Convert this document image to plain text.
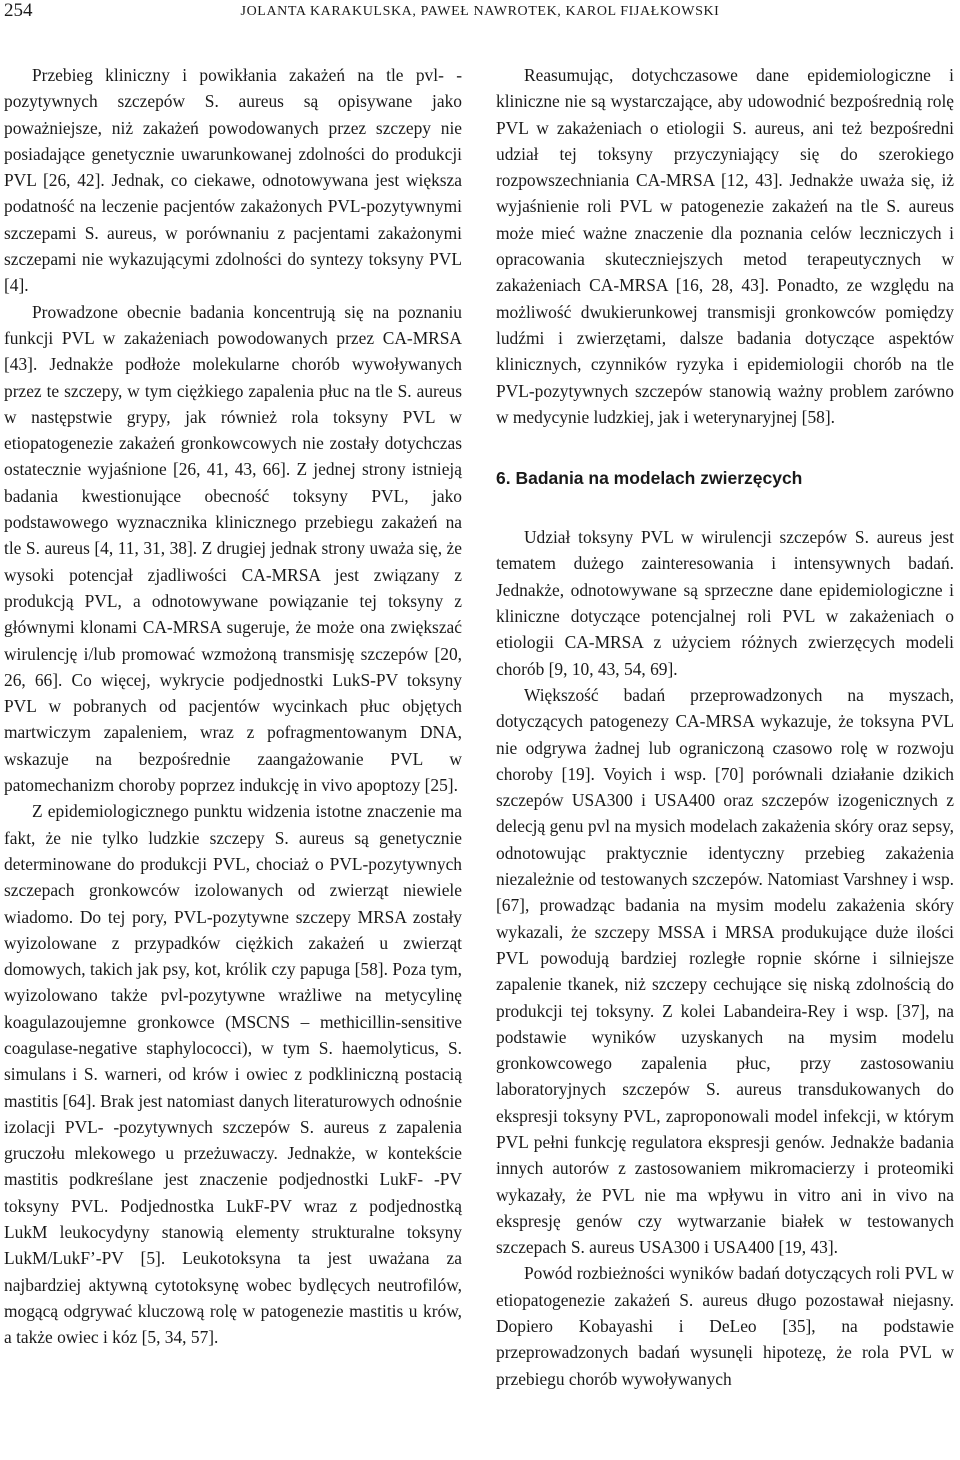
254	JOLANTA KARAKULSKA, PAWEŁ NAWROTEK, KAROL FIJAŁKOWSKI

Przebieg kliniczny i powikłania zakażeń na tle pvl- -pozytywnych szczepów S. aureus są opisywane jako poważniejsze, niż zakażeń powodowanych przez szczepy nie posiadające genetycznie uwarunkowanej zdolności do produkcji PVL [26, 42]. Jednak, co ciekawe, odnotowywana jest większa podatność na leczenie pacjentów zakażonych PVL-pozytywnymi szczepami S. aureus, w porównaniu z pacjentami zakażonymi szczepami nie wykazującymi zdolności do syntezy toksyny PVL [4].

Prowadzone obecnie badania koncentrują się na poznaniu funkcji PVL w zakażeniach powodowanych przez CA-MRSA [43]. Jednakże podłoże molekularne chorób wywoływanych przez te szczepy, w tym ciężkiego zapalenia płuc na tle S. aureus w następstwie grypy, jak również rola toksyny PVL w etiopatogenezie zakażeń gronkowcowych nie zostały dotychczas ostatecznie wyjaśnione [26, 41, 43, 66]. Z jednej strony istnieją badania kwestionujące obecność toksyny PVL, jako podstawowego wyznacznika klinicznego przebiegu zakażeń na tle S. aureus [4, 11, 31, 38]. Z drugiej jednak strony uważa się, że wysoki potencjał zjadliwości CA-MRSA jest związany z produkcją PVL, a odnotowywane powiązanie tej toksyny z głównymi klonami CA-MRSA sugeruje, że może ona zwiększać wirulencję i/lub promować wzmożoną transmisję szczepów [20, 26, 66]. Co więcej, wykrycie podjednostki LukS-PV toksyny PVL w pobranych od pacjentów wycinkach płuc objętych martwiczym zapaleniem, wraz z pofragmentowanym DNA, wskazuje na bezpośrednie zaangażowanie PVL w patomechanizm choroby poprzez indukcję in vivo apoptozy [25].

Z epidemiologicznego punktu widzenia istotne znaczenie ma fakt, że nie tylko ludzkie szczepy S. aureus są genetycznie determinowane do produkcji PVL, chociaż o PVL-pozytywnych szczepach gronkowców izolowanych od zwierząt niewiele wiadomo. Do tej pory, PVL-pozytywne szczepy MRSA zostały wyizolowane z przypadków ciężkich zakażeń u zwierząt domowych, takich jak psy, kot, królik czy papuga [58]. Poza tym, wyizolowano także pvl-pozytywne wrażliwe na metycylinę koagulazoujemne gronkowce (MSCNS – methicillin-sensitive coagulase-negative staphylococci), w tym S. haemolyticus, S. simulans i S. warneri, od krów i owiec z podkliniczną postacią mastitis [64]. Brak jest natomiast danych literaturowych odnośnie izolacji PVL- -pozytywnych szczepów S. aureus z zapalenia gruczołu mlekowego u przeżuwaczy. Jednakże, w kontekście mastitis podkreślane jest znaczenie podjednostki LukF- -PV toksyny PVL. Podjednostka LukF-PV wraz z podjednostką LukM leukocydyny stanowią elementy strukturalne toksyny LukM/LukF’-PV [5]. Leukotoksyna ta jest uważana za najbardziej aktywną cytotoksynę wobec bydlęcych neutrofilów, mogącą odgrywać kluczową rolę w patogenezie mastitis u krów, a także owiec i kóz [5, 34, 57].

Reasumując, dotychczasowe dane epidemiologiczne i kliniczne nie są wystarczające, aby udowodnić bezpośrednią rolę PVL w zakażeniach o etiologii S. aureus, ani też bezpośredni udział tej toksyny przyczyniający się do szerokiego rozpowszechniania CA-MRSA [12, 43]. Jednakże uważa się, iż wyjaśnienie roli PVL w patogenezie zakażeń na tle S. aureus może mieć ważne znaczenie dla poznania celów leczniczych i opracowania skuteczniejszych metod terapeutycznych w zakażeniach CA-MRSA [16, 28, 43]. Ponadto, ze względu na możliwość dwukierunkowej transmisji gronkowców pomiędzy ludźmi i zwierzętami, dalsze badania dotyczące aspektów klinicznych, czynników ryzyka i epidemiologii chorób na tle PVL-pozytywnych szczepów stanowią ważny problem zarówno w medycynie ludzkiej, jak i weterynaryjnej [58].

6. Badania na modelach zwierzęcych

Udział toksyny PVL w wirulencji szczepów S. aureus jest tematem dużego zainteresowania i intensywnych badań. Jednakże, odnotowywane są sprzeczne dane epidemiologiczne i kliniczne dotyczące potencjalnej roli PVL w zakażeniach o etiologii CA-MRSA z użyciem różnych zwierzęcych modeli chorób [9, 10, 43, 54, 69].

Większość badań przeprowadzonych na myszach, dotyczących patogenezy CA-MRSA wykazuje, że toksyna PVL nie odgrywa żadnej lub ograniczoną czasowo rolę w rozwoju choroby [19]. Voyich i wsp. [70] porównali działanie dzikich szczepów USA300 i USA400 oraz szczepów izogenicznych z delecją genu pvl na mysich modelach zakażenia skóry oraz sepsy, odnotowując praktycznie identyczny przebieg zakażenia niezależnie od testowanych szczepów. Natomiast Varshney i wsp. [67], prowadząc badania na mysim modelu zakażenia skóry wykazali, że szczepy MSSA i MRSA produkujące duże ilości PVL powodują bardziej rozległe ropnie skórne i silniejsze zapalenie tkanek, niż szczepy cechujące się niską zdolnością do produkcji tej toksyny. Z kolei Labandeira-Rey i wsp. [37], na podstawie wyników uzyskanych na mysim modelu gronkowcowego zapalenia płuc, przy zastosowaniu laboratoryjnych szczepów S. aureus transdukowanych do ekspresji toksyny PVL, zaproponowali model infekcji, w którym PVL pełni funkcję regulatora ekspresji genów. Jednakże badania innych autorów z zastosowaniem mikromacierzy i proteomiki wykazały, że PVL nie ma wpływu in vitro ani in vivo na ekspresję genów czy wytwarzanie białek w testowanych szczepach S. aureus USA300 i USA400 [19, 43].

Powód rozbieżności wyników badań dotyczących roli PVL w etiopatogenezie zakażeń S. aureus długo pozostawał niejasny. Dopiero Kobayashi i DeLeo [35], na podstawie przeprowadzonych badań wysunęli hipotezę, że rola PVL w przebiegu chorób wywoływanych
